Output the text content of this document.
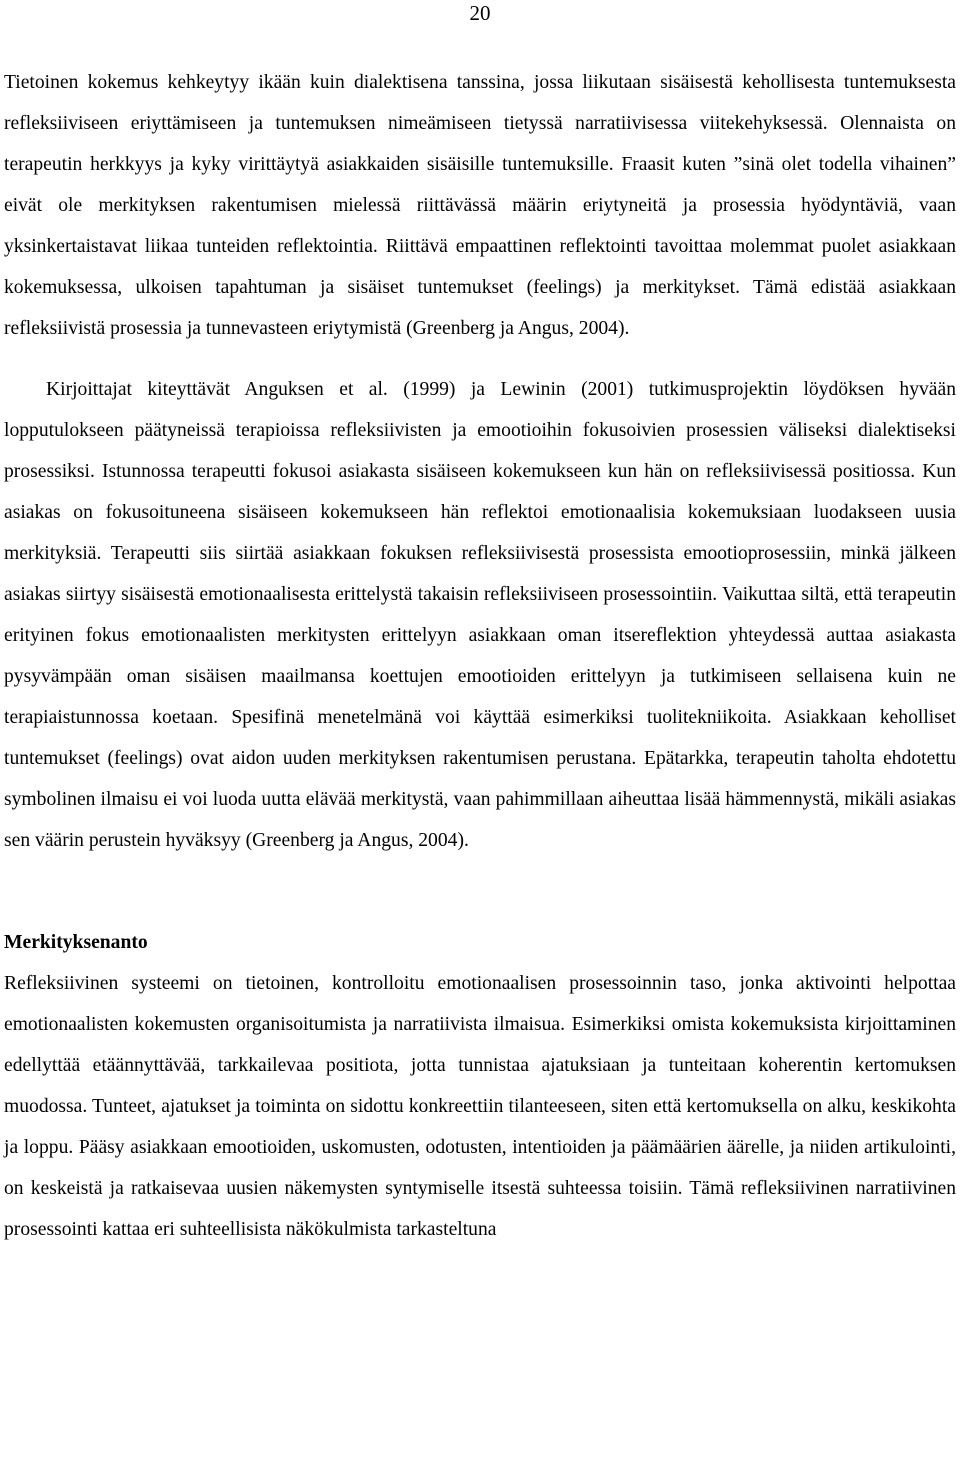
20

Tietoinen kokemus kehkeytyy ikään kuin dialektisena tanssina, jossa liikutaan sisäisestä kehollisesta tuntemuksesta refleksiiviseen eriyttämiseen ja tuntemuksen nimeämiseen tietyssä narratiivisessa viitekehyksessä. Olennaista on terapeutin herkkyys ja kyky virittäytyä asiakkaiden sisäisille tuntemuksille. Fraasit kuten ”sinä olet todella vihainen” eivät ole merkityksen rakentumisen mielessä riittävässä määrin eriytyneitä ja prosessia hyödyntäviä, vaan yksinkertaistavat liikaa tunteiden reflektointia. Riittävä empaattinen reflektointi tavoittaa molemmat puolet asiakkaan kokemuksessa, ulkoisen tapahtuman ja sisäiset tuntemukset (feelings) ja merkitykset. Tämä edistää asiakkaan refleksiivistä prosessia ja tunnevasteen eriytymistä (Greenberg ja Angus, 2004).

Kirjoittajat kiteyttävät Anguksen et al. (1999) ja Lewinin (2001) tutkimusprojektin löydöksen hyvään lopputulokseen päätyneissä terapioissa refleksiivisten ja emootioihin fokusoivien prosessien väliseksi dialektiseksi prosessiksi. Istunnossa terapeutti fokusoi asiakasta sisäiseen kokemukseen kun hän on refleksiivisessä positiossa. Kun asiakas on fokusoituneena sisäiseen kokemukseen hän reflektoi emotionaalisia kokemuksiaan luodakseen uusia merkityksiä. Terapeutti siis siirtää asiakkaan fokuksen refleksiivisestä prosessista emootioprosessiin, minkä jälkeen asiakas siirtyy sisäisestä emotionaalisesta erittelystä takaisin refleksiiviseen prosessointiin. Vaikuttaa siltä, että terapeutin erityinen fokus emotionaalisten merkitysten erittelyyn asiakkaan oman itsereflektion yhteydessä auttaa asiakasta pysyvämpään oman sisäisen maailmansa koettujen emootioiden erittelyyn ja tutkimiseen sellaisena kuin ne terapiaistunnossa koetaan. Spesifinä menetelmänä voi käyttää esimerkiksi tuolitekniikoita. Asiakkaan keholliset tuntemukset (feelings) ovat aidon uuden merkityksen rakentumisen perustana. Epätarkka, terapeutin taholta ehdotettu symbolinen ilmaisu ei voi luoda uutta elävää merkitystä, vaan pahimmillaan aiheuttaa lisää hämmennystä, mikäli asiakas sen väärin perustein hyväksyy (Greenberg ja Angus, 2004).

Merkityksenanto

Refleksiivinen systeemi on tietoinen, kontrolloitu emotionaalisen prosessoinnin taso, jonka aktivointi helpottaa emotionaalisten kokemusten organisoitumista ja narratiivista ilmaisua. Esimerkiksi omista kokemuksista kirjoittaminen edellyttää etäännyttävää, tarkkailevaa positiota, jotta tunnistaa ajatuksiaan ja tunteitaan koherentin kertomuksen muodossa. Tunteet, ajatukset ja toiminta on sidottu konkreettiin tilanteeseen, siten että kertomuksella on alku, keskikohta ja loppu. Pääsy asiakkaan emootioiden, uskomusten, odotusten, intentioiden ja päämäärien äärelle, ja niiden artikulointi, on keskeistä ja ratkaisevaa uusien näkemysten syntymiselle itsestä suhteessa toisiin. Tämä refleksiivinen narratiivinen prosessointi kattaa eri suhteellisista näkökulmista tarkasteltuna
